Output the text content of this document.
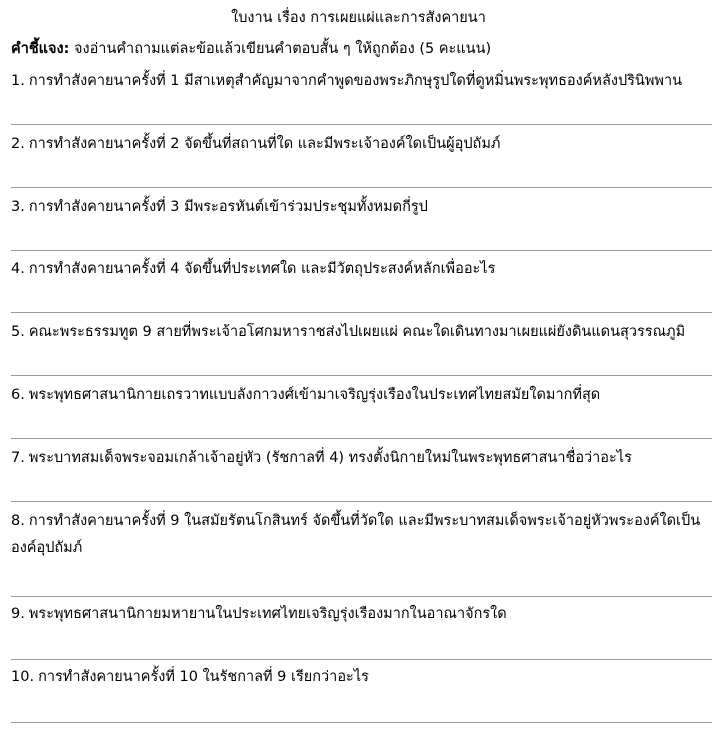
ใบงาน เรื่อง การเผยแผ่และการสังคายนา
คำชี้แจง: จงอ่านคำถามแต่ละข้อแล้วเขียนคำตอบสั้น ๆ ให้ถูกต้อง (5 คะแนน)
1. การทำสังคายนาครั้งที่ 1 มีสาเหตุสำคัญมาจากคำพูดของพระภิกษุรูปใดที่ดูหมิ่นพระพุทธองค์หลังปรินิพพาน
2. การทำสังคายนาครั้งที่ 2 จัดขึ้นที่สถานที่ใด และมีพระเจ้าองค์ใดเป็นผู้อุปถัมภ์
3. การทำสังคายนาครั้งที่ 3 มีพระอรหันต์เข้าร่วมประชุมทั้งหมดกี่รูป
4. การทำสังคายนาครั้งที่ 4 จัดขึ้นที่ประเทศใด และมีวัตถุประสงค์หลักเพื่ออะไร
5. คณะพระธรรมทูต 9 สายที่พระเจ้าอโศกมหาราชส่งไปเผยแผ่ คณะใดเดินทางมาเผยแผ่ยังดินแดนสุวรรณภูมิ
6. พระพุทธศาสนานิกายเถรวาทแบบลังกาวงศ์เข้ามาเจริญรุ่งเรืองในประเทศไทยสมัยใดมากที่สุด
7. พระบาทสมเด็จพระจอมเกล้าเจ้าอยู่หัว (รัชกาลที่ 4) ทรงตั้งนิกายใหม่ในพระพุทธศาสนาชื่อว่าอะไร
8. การทำสังคายนาครั้งที่ 9 ในสมัยรัตนโกสินทร์ จัดขึ้นที่วัดใด และมีพระบาทสมเด็จพระเจ้าอยู่หัวพระองค์ใดเป็นองค์อุปถัมภ์
9. พระพุทธศาสนานิกายมหายานในประเทศไทยเจริญรุ่งเรืองมากในอาณาจักรใด
10. การทำสังคายนาครั้งที่ 10 ในรัชกาลที่ 9 เรียกว่าอะไร
